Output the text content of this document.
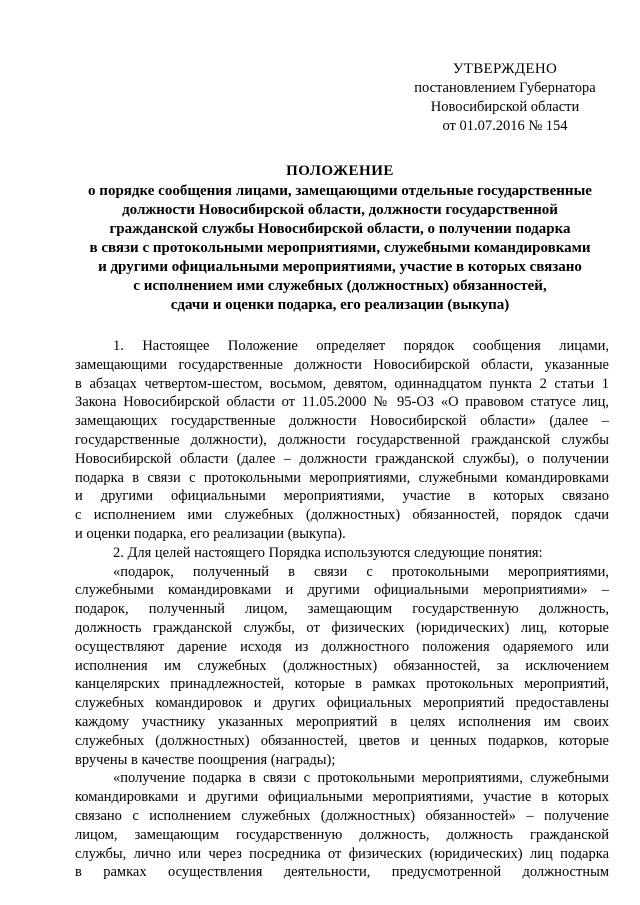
УТВЕРЖДЕНО
постановлением Губернатора
Новосибирской области
от 01.07.2016 № 154
ПОЛОЖЕНИЕ
о порядке сообщения лицами, замещающими отдельные государственные
должности Новосибирской области, должности государственной
гражданской службы Новосибирской области, о получении подарка
в связи с протокольными мероприятиями, служебными командировками
и другими официальными мероприятиями, участие в которых связано
с исполнением ими служебных (должностных) обязанностей,
сдачи и оценки подарка, его реализации (выкупа)
1. Настоящее Положение определяет порядок сообщения лицами,
замещающими государственные должности Новосибирской области, указанные
в абзацах четвертом-шестом, восьмом, девятом, одиннадцатом пункта 2 статьи 1
Закона Новосибирской области от 11.05.2000 № 95-ОЗ «О правовом статусе лиц,
замещающих государственные должности Новосибирской области» (далее –
государственные должности), должности государственной гражданской службы
Новосибирской области (далее – должности гражданской службы), о получении
подарка в связи с протокольными мероприятиями, служебными командировками
и другими официальными мероприятиями, участие в которых связано
с исполнением ими служебных (должностных) обязанностей, порядок сдачи
и оценки подарка, его реализации (выкупа).
2. Для целей настоящего Порядка используются следующие понятия:
«подарок, полученный в связи с протокольными мероприятиями,
служебными командировками и другими официальными мероприятиями» –
подарок, полученный лицом, замещающим государственную должность,
должность гражданской службы, от физических (юридических) лиц, которые
осуществляют дарение исходя из должностного положения одаряемого или
исполнения им служебных (должностных) обязанностей, за исключением
канцелярских принадлежностей, которые в рамках протокольных мероприятий,
служебных командировок и других официальных мероприятий предоставлены
каждому участнику указанных мероприятий в целях исполнения им своих
служебных (должностных) обязанностей, цветов и ценных подарков, которые
вручены в качестве поощрения (награды);
«получение подарка в связи с протокольными мероприятиями, служебными
командировками и другими официальными мероприятиями, участие в которых
связано с исполнением служебных (должностных) обязанностей» – получение
лицом, замещающим государственную должность, должность гражданской
службы, лично или через посредника от физических (юридических) лиц подарка
в рамках осуществления деятельности, предусмотренной должностным
